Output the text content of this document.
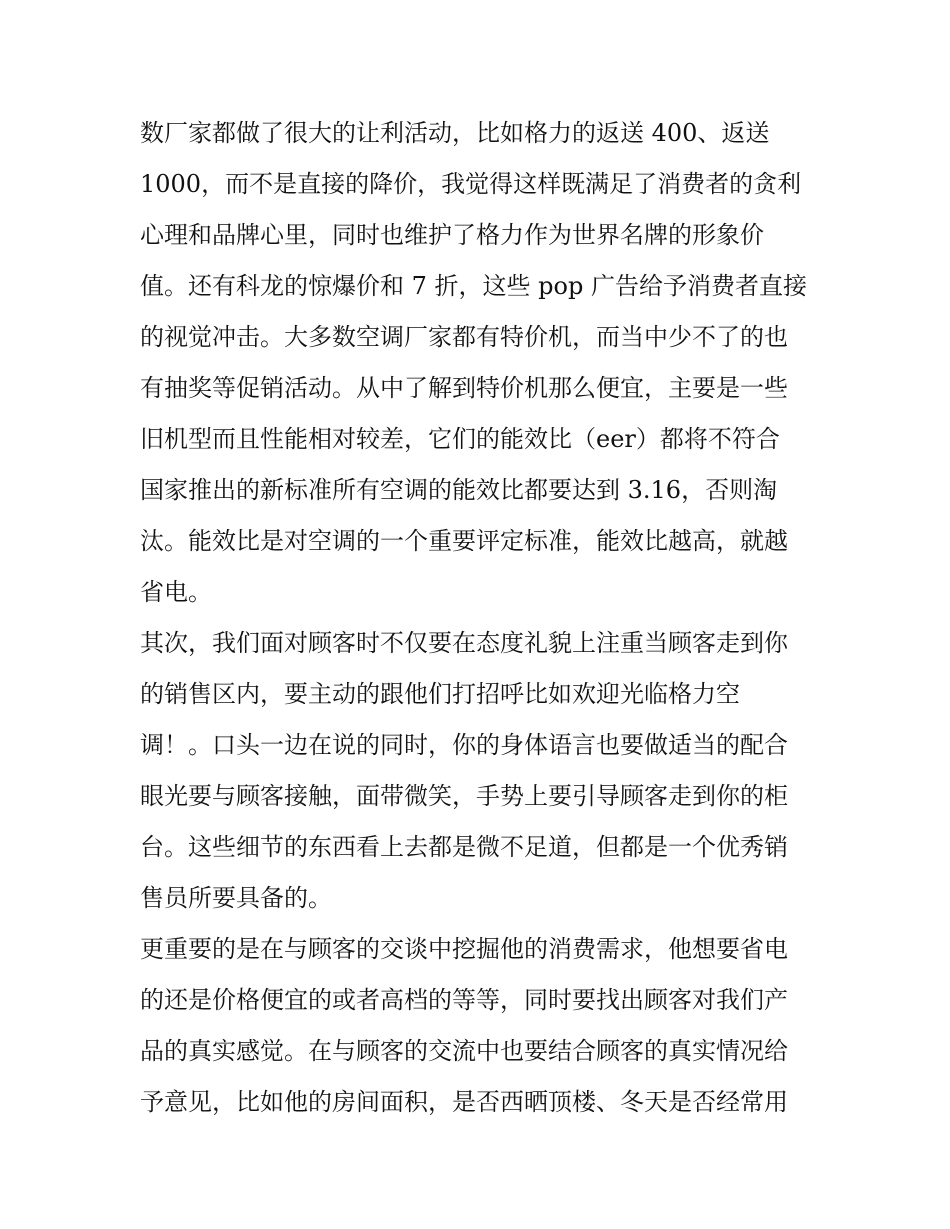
数厂家都做了很大的让利活动，比如格力的返送 400、返送
1000，而不是直接的降价，我觉得这样既满足了消费者的贪利
心理和品牌心里，同时也维护了格力作为世界名牌的形象价
值。还有科龙的惊爆价和 7 折，这些 pop 广告给予消费者直接
的视觉冲击。大多数空调厂家都有特价机，而当中少不了的也
有抽奖等促销活动。从中了解到特价机那么便宜，主要是一些
旧机型而且性能相对较差，它们的能效比（eer）都将不符合
国家推出的新标准所有空调的能效比都要达到 3.16，否则淘
汰。能效比是对空调的一个重要评定标准，能效比越高，就越
省电。
其次，我们面对顾客时不仅要在态度礼貌上注重当顾客走到你
的销售区内，要主动的跟他们打招呼比如欢迎光临格力空
调！。口头一边在说的同时，你的身体语言也要做适当的配合
眼光要与顾客接触，面带微笑，手势上要引导顾客走到你的柜
台。这些细节的东西看上去都是微不足道，但都是一个优秀销
售员所要具备的。
更重要的是在与顾客的交谈中挖掘他的消费需求，他想要省电
的还是价格便宜的或者高档的等等，同时要找出顾客对我们产
品的真实感觉。在与顾客的交流中也要结合顾客的真实情况给
予意见，比如他的房间面积，是否西晒顶楼、冬天是否经常用
